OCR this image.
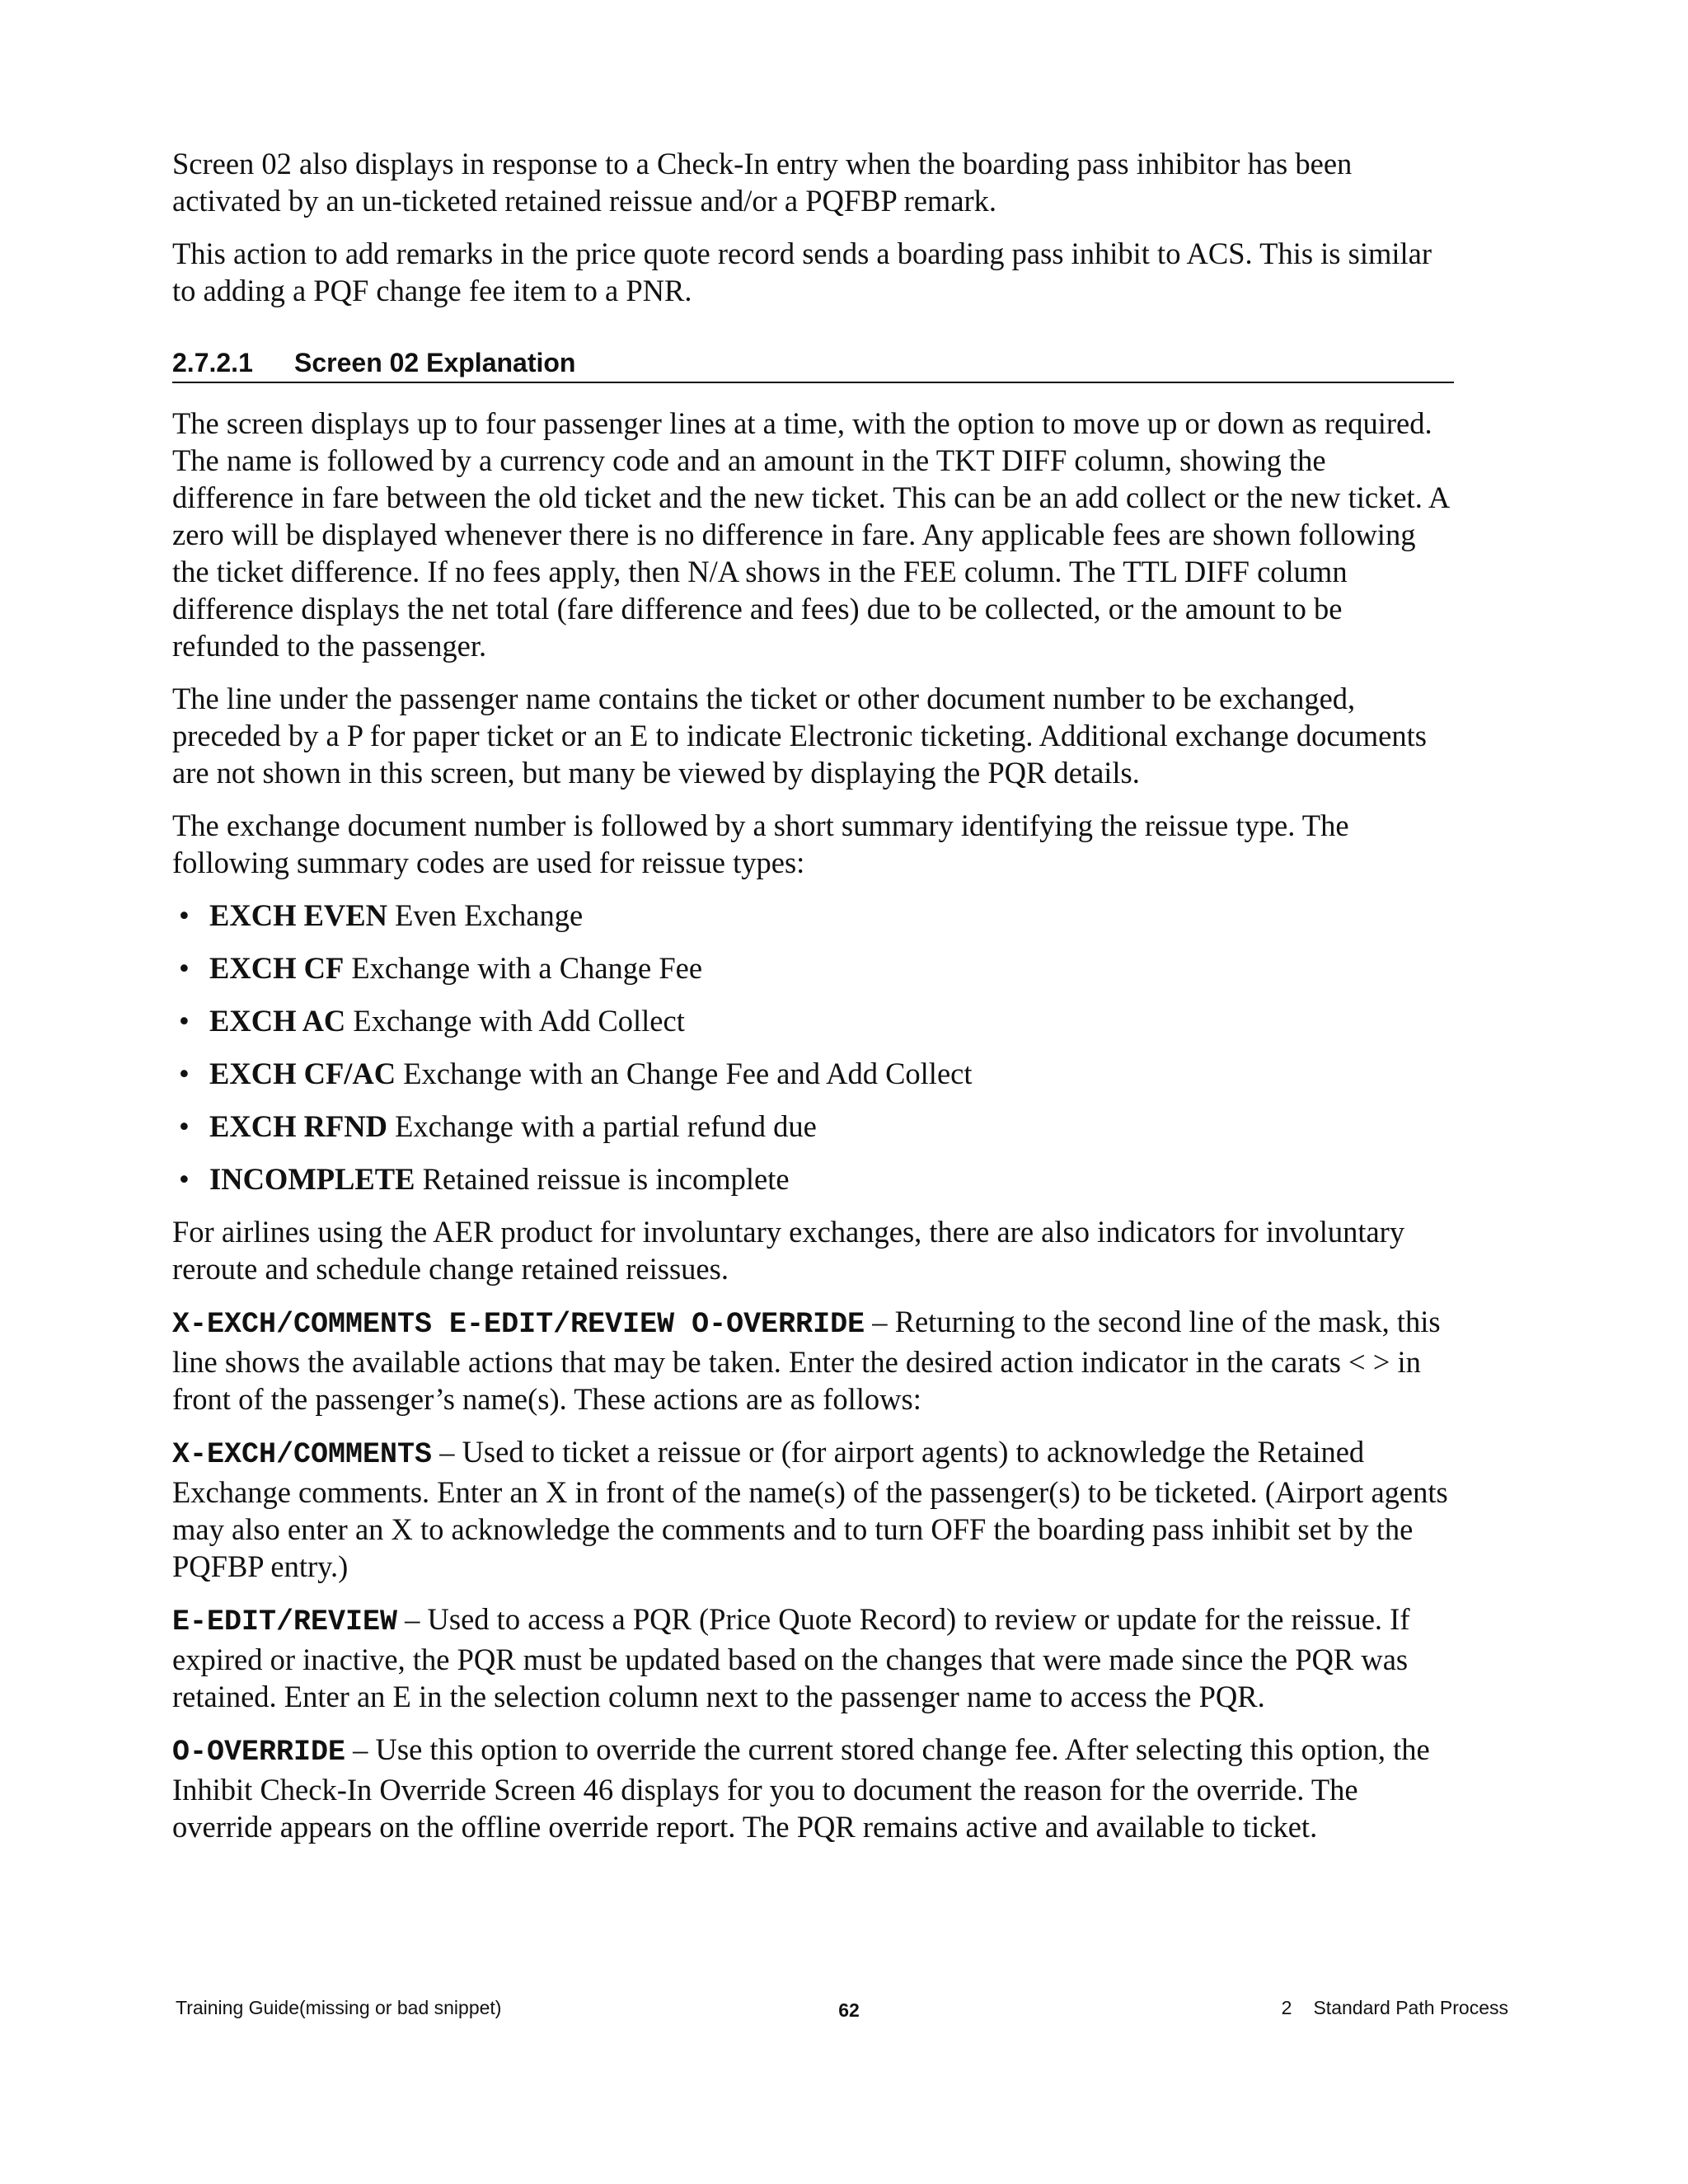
Screen 02 also displays in response to a Check-In entry when the boarding pass inhibitor has been activated by an un-ticketed retained reissue and/or a PQFBP remark.

This action to add remarks in the price quote record sends a boarding pass inhibit to ACS. This is similar to adding a PQF change fee item to a PNR.

2.7.2.1	Screen 02 Explanation

The screen displays up to four passenger lines at a time, with the option to move up or down as required. The name is followed by a currency code and an amount in the TKT DIFF column, showing the difference in fare between the old ticket and the new ticket. This can be an add collect or the new ticket. A zero will be displayed whenever there is no difference in fare. Any applicable fees are shown following the ticket difference. If no fees apply, then N/A shows in the FEE column. The TTL DIFF column difference displays the net total (fare difference and fees) due to be collected, or the amount to be refunded to the passenger.

The line under the passenger name contains the ticket or other document number to be exchanged, preceded by a P for paper ticket or an E to indicate Electronic ticketing. Additional exchange documents are not shown in this screen, but many be viewed by displaying the PQR details.

The exchange document number is followed by a short summary identifying the reissue type. The following summary codes are used for reissue types:

• EXCH EVEN Even Exchange
• EXCH CF Exchange with a Change Fee
• EXCH AC Exchange with Add Collect
• EXCH CF/AC Exchange with an Change Fee and Add Collect
• EXCH RFND Exchange with a partial refund due
• INCOMPLETE Retained reissue is incomplete

For airlines using the AER product for involuntary exchanges, there are also indicators for involuntary reroute and schedule change retained reissues.

X-EXCH/COMMENTS E-EDIT/REVIEW O-OVERRIDE – Returning to the second line of the mask, this line shows the available actions that may be taken. Enter the desired action indicator in the carats < > in front of the passenger’s name(s). These actions are as follows:

X-EXCH/COMMENTS – Used to ticket a reissue or (for airport agents) to acknowledge the Retained Exchange comments. Enter an X in front of the name(s) of the passenger(s) to be ticketed. (Airport agents may also enter an X to acknowledge the comments and to turn OFF the boarding pass inhibit set by the PQFBP entry.)

E-EDIT/REVIEW – Used to access a PQR (Price Quote Record) to review or update for the reissue. If expired or inactive, the PQR must be updated based on the changes that were made since the PQR was retained. Enter an E in the selection column next to the passenger name to access the PQR.

O-OVERRIDE – Use this option to override the current stored change fee. After selecting this option, the Inhibit Check-In Override Screen 46 displays for you to document the reason for the override. The override appears on the offline override report. The PQR remains active and available to ticket.

Training Guide(missing or bad snippet)	62	2 Standard Path Process
